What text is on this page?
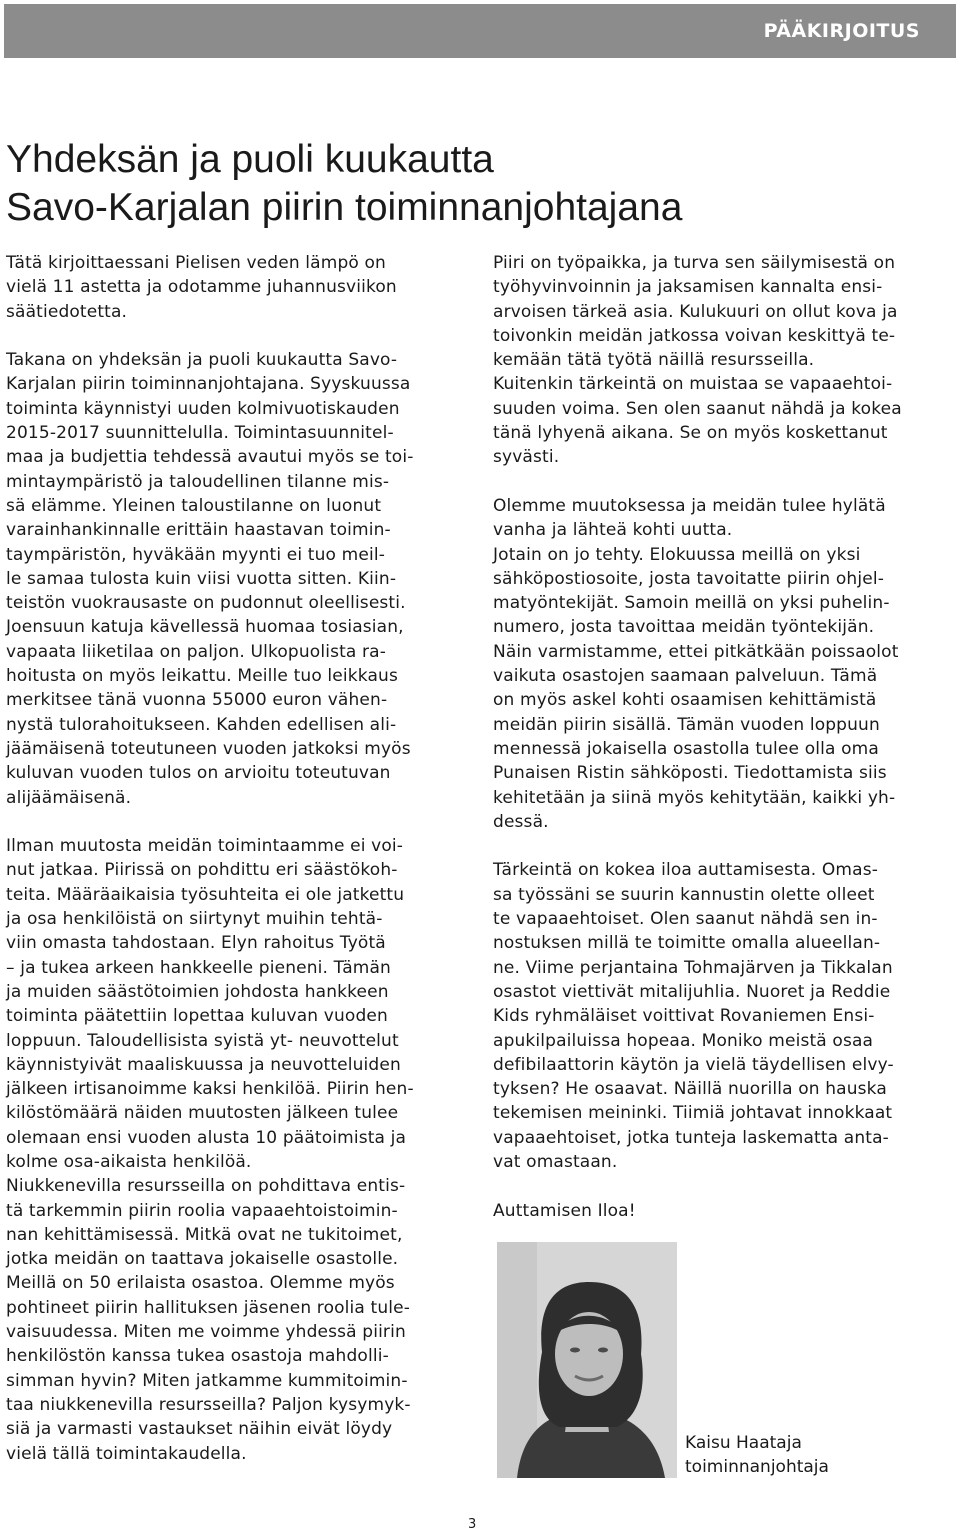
PÄÄKIRJOITUS
Yhdeksän ja puoli kuukautta
Savo-Karjalan piirin toiminnanjohtajana

Tätä kirjoittaessani Pielisen veden lämpö on

vielä 11 astetta ja odotamme juhannusviikon

säätiedotetta.

Takana on yhdeksän ja puoli kuukautta Savo-

Karjalan piirin toiminnanjohtajana. Syyskuussa

toiminta käynnistyi uuden kolmivuotiskauden

2015-2017 suunnittelulla. Toimintasuunnitel-

maa ja budjettia tehdessä avautui myös se toi-

mintaympäristö ja taloudellinen tilanne mis-

sä elämme. Yleinen taloustilanne on luonut

varainhankinnalle erittäin haastavan toimin-

taympäristön, hyväkään myynti ei tuo meil-

le samaa tulosta kuin viisi vuotta sitten. Kiin-

teistön vuokrausaste on pudonnut oleellisesti.

Joensuun katuja kävellessä huomaa tosiasian,

vapaata liiketilaa on paljon. Ulkopuolista ra-

hoitusta on myös leikattu. Meille tuo leikkaus

merkitsee tänä vuonna 55000 euron vähen-

nystä tulorahoitukseen. Kahden edellisen ali-

jäämäisenä toteutuneen vuoden jatkoksi myös

kuluvan vuoden tulos on arvioitu toteutuvan

alijäämäisenä.

Ilman muutosta meidän toimintaamme ei voi-

nut jatkaa. Piirissä on pohdittu eri säästökoh-

teita. Määräaikaisia työsuhteita ei ole jatkettu

ja osa henkilöistä on siirtynyt muihin tehtä-

viin omasta tahdostaan. Elyn rahoitus Työtä

– ja tukea arkeen hankkeelle pieneni. Tämän

ja muiden säästötoimien johdosta hankkeen

toiminta päätettiin lopettaa kuluvan vuoden

loppuun. Taloudellisista syistä yt- neuvottelut

käynnistyivät maaliskuussa ja neuvotteluiden

jälkeen irtisanoimme kaksi henkilöä. Piirin hen-

kilöstömäärä näiden muutosten jälkeen tulee

olemaan ensi vuoden alusta 10 päätoimista ja

kolme osa-aikaista henkilöä.

Niukkenevilla resursseilla on pohdittava entis-

tä tarkemmin piirin roolia vapaaehtoistoimin-

nan kehittämisessä. Mitkä ovat ne tukitoimet,

jotka meidän on taattava jokaiselle osastolle.

Meillä on 50 erilaista osastoa. Olemme myös

pohtineet piirin hallituksen jäsenen roolia tule-

vaisuudessa. Miten me voimme yhdessä piirin

henkilöstön kanssa tukea osastoja mahdolli-

simman hyvin? Miten jatkamme kummitoimin-

taa niukkenevilla resursseilla? Paljon kysymyk-

siä ja varmasti vastaukset näihin eivät löydy

vielä tällä toimintakaudella.

Piiri on työpaikka, ja turva sen säilymisestä on

työhyvinvoinnin ja jaksamisen kannalta ensi-

arvoisen tärkeä asia. Kulukuuri on ollut kova ja

toivonkin meidän jatkossa voivan keskittyä te-

kemään tätä työtä näillä resursseilla.

Kuitenkin tärkeintä on muistaa se vapaaehtoi-

suuden voima. Sen olen saanut nähdä ja kokea

tänä lyhyenä aikana. Se on myös koskettanut

syvästi.

Olemme muutoksessa ja meidän tulee hylätä

vanha ja lähteä kohti uutta.

Jotain on jo tehty. Elokuussa meillä on yksi

sähköpostiosoite, josta tavoitatte piirin ohjel-

matyöntekijät. Samoin meillä on yksi puhelin-

numero, josta tavoittaa meidän työntekijän.

Näin varmistamme, ettei pitkätkään poissaolot

vaikuta osastojen saamaan palveluun. Tämä

on myös askel kohti osaamisen kehittämistä

meidän piirin sisällä. Tämän vuoden loppuun

mennessä jokaisella osastolla tulee olla oma

Punaisen Ristin sähköposti. Tiedottamista siis

kehitetään ja siinä myös kehitytään, kaikki yh-

dessä.

Tärkeintä on kokea iloa auttamisesta. Omas-

sa työssäni se suurin kannustin olette olleet

te vapaaehtoiset. Olen saanut nähdä sen in-

nostuksen millä te toimitte omalla alueellan-

ne. Viime perjantaina Tohmajärven ja Tikkalan

osastot viettivät mitalijuhlia. Nuoret ja Reddie

Kids ryhmäläiset voittivat Rovaniemen Ensi-

apukilpailuissa hopeaa. Moniko meistä osaa

defibilaattorin käytön ja vielä täydellisen elvy-

tyksen? He osaavat. Näillä nuorilla on hauska

tekemisen meininki. Tiimiä johtavat innokkaat

vapaaehtoiset, jotka tunteja laskematta anta-

vat omastaan.

Auttamisen Iloa!

Kaisu Haataja
toiminnanjohtaja
3
